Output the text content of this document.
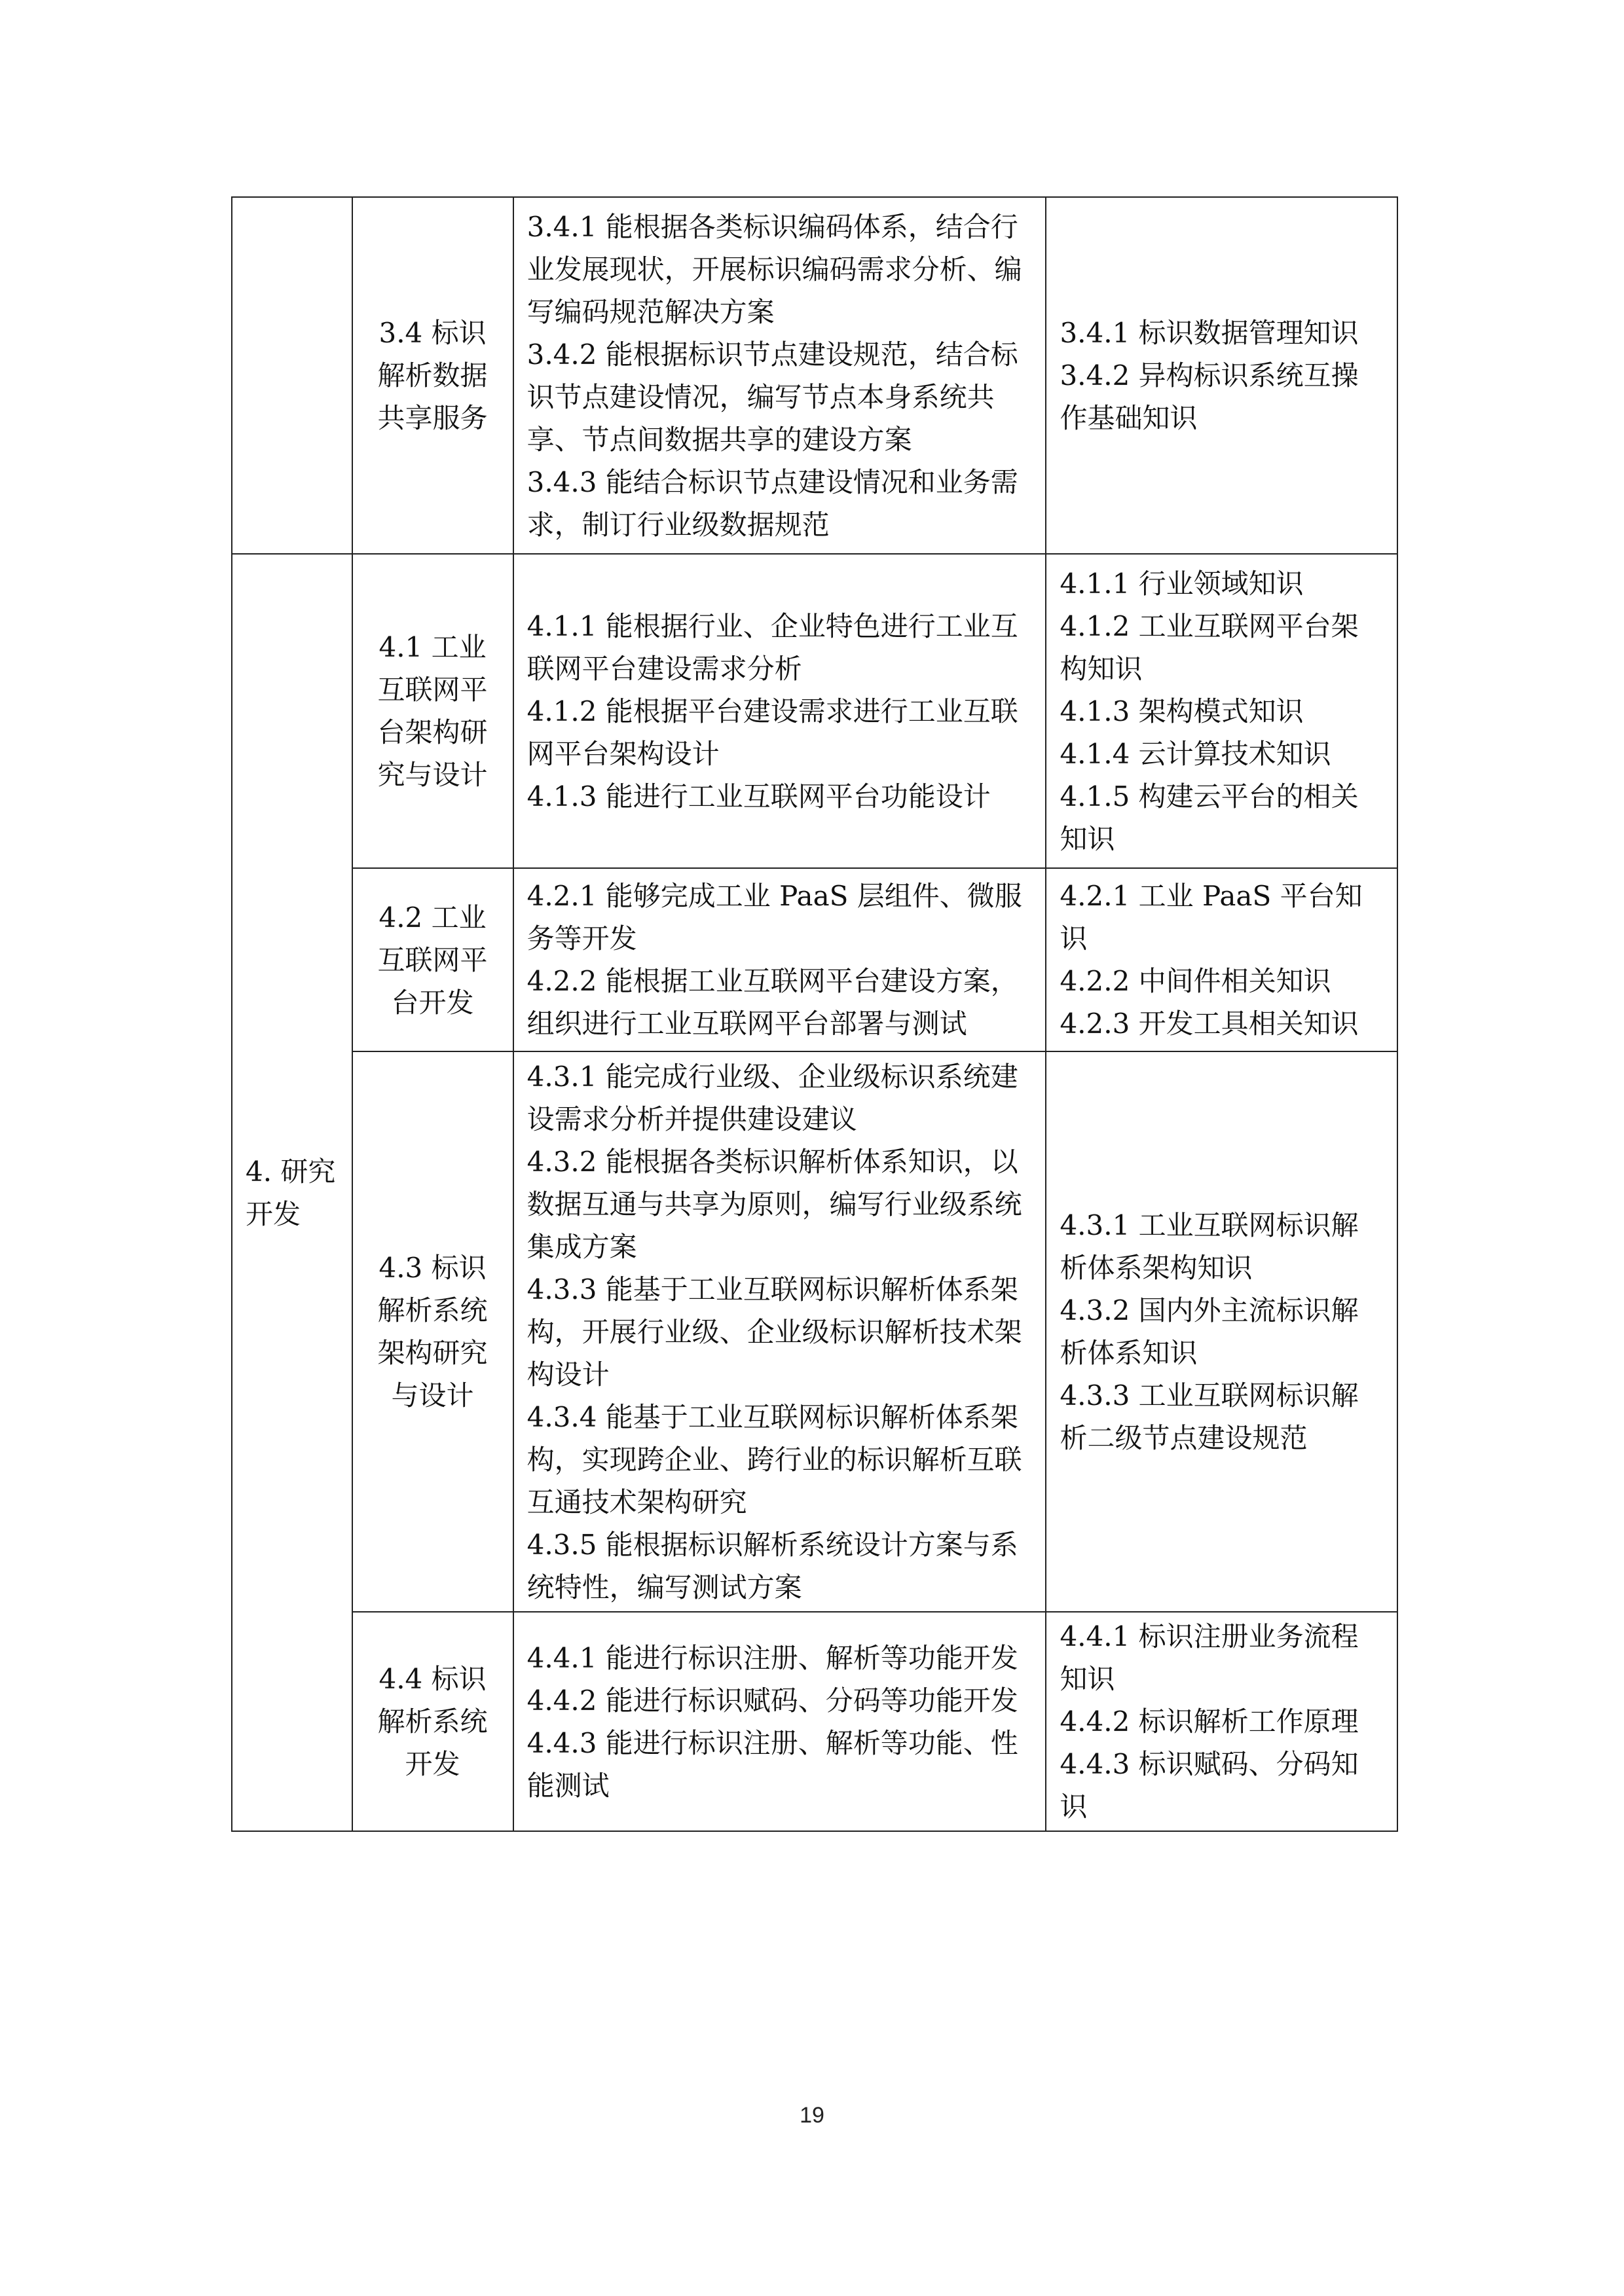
	3.4 标识解析数据共享服务	3.4.1 能根据各类标识编码体系，结合行业发展现状，开展标识编码需求分析、编写编码规范解决方案
3.4.2 能根据标识节点建设规范，结合标识节点建设情况，编写节点本身系统共享、节点间数据共享的建设方案
3.4.3 能结合标识节点建设情况和业务需求，制订行业级数据规范	3.4.1 标识数据管理知识
3.4.2 异构标识系统互操作基础知识

4. 研究开发	4.1 工业互联网平台架构研究与设计	4.1.1 能根据行业、企业特色进行工业互联网平台建设需求分析
4.1.2 能根据平台建设需求进行工业互联网平台架构设计
4.1.3 能进行工业互联网平台功能设计	4.1.1 行业领域知识
4.1.2 工业互联网平台架构知识
4.1.3 架构模式知识
4.1.4 云计算技术知识
4.1.5 构建云平台的相关知识

	4.2 工业互联网平台开发	4.2.1 能够完成工业 PaaS 层组件、微服务等开发
4.2.2 能根据工业互联网平台建设方案，组织进行工业互联网平台部署与测试	4.2.1 工业 PaaS 平台知识
4.2.2 中间件相关知识
4.2.3 开发工具相关知识

	4.3 标识解析系统架构研究与设计	4.3.1 能完成行业级、企业级标识系统建设需求分析并提供建设建议
4.3.2 能根据各类标识解析体系知识，以数据互通与共享为原则，编写行业级系统集成方案
4.3.3 能基于工业互联网标识解析体系架构，开展行业级、企业级标识解析技术架构设计
4.3.4 能基于工业互联网标识解析体系架构，实现跨企业、跨行业的标识解析互联互通技术架构研究
4.3.5 能根据标识解析系统设计方案与系统特性，编写测试方案	4.3.1 工业互联网标识解析体系架构知识
4.3.2 国内外主流标识解析体系知识
4.3.3 工业互联网标识解析二级节点建设规范

	4.4 标识解析系统开发	4.4.1 能进行标识注册、解析等功能开发
4.4.2 能进行标识赋码、分码等功能开发
4.4.3 能进行标识注册、解析等功能、性能测试	4.4.1 标识注册业务流程知识
4.4.2 标识解析工作原理
4.4.3 标识赋码、分码知识
19
